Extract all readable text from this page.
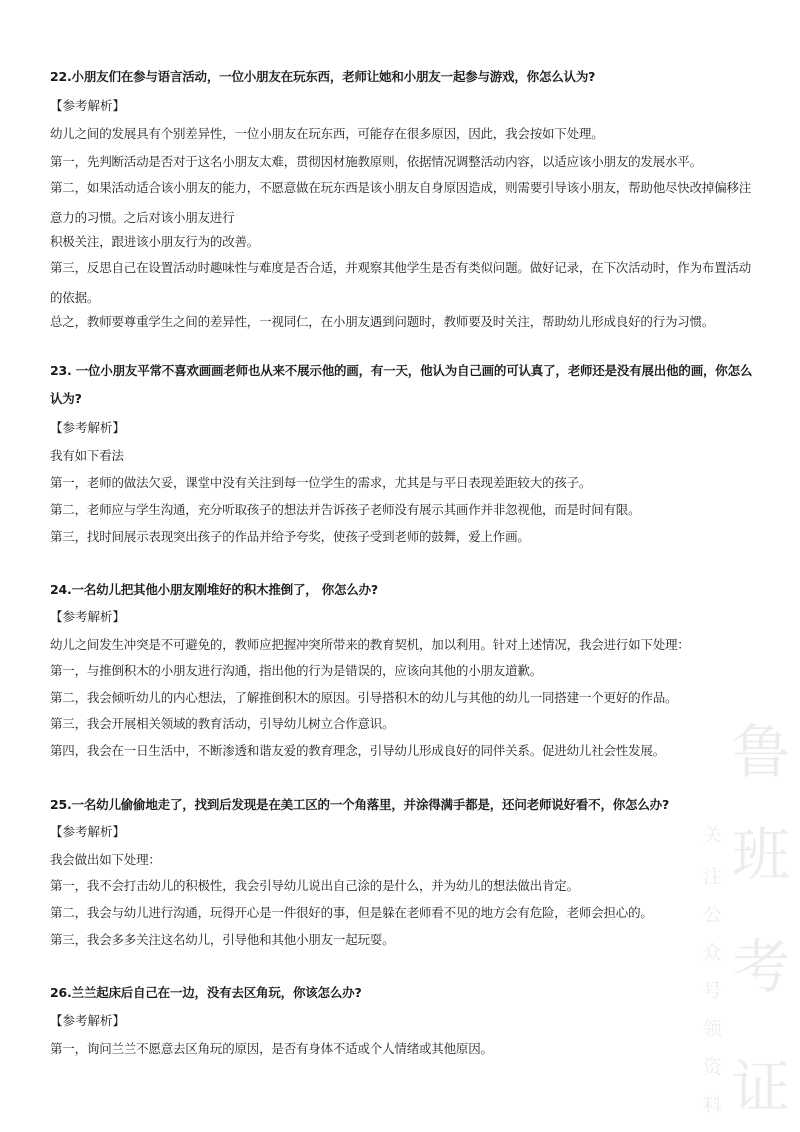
22.小朋友们在参与语言活动，一位小朋友在玩东西，老师让她和小朋友一起参与游戏，你怎么认为?
【参考解析】
幼儿之间的发展具有个别差异性，一位小朋友在玩东西，可能存在很多原因，因此，我会按如下处理。
第一，先判断活动是否对于这名小朋友太难，贯彻因材施教原则，依据情况调整活动内容，以适应该小朋友的发展水平。
第二，如果活动适合该小朋友的能力，不愿意做在玩东西是该小朋友自身原因造成，则需要引导该小朋友，帮助他尽快改掉偏移注意力的习惯。之后对该小朋友进行
积极关注，跟进该小朋友行为的改善。
第三，反思自己在设置活动时趣味性与难度是否合适，并观察其他学生是否有类似问题。做好记录，在下次活动时，作为布置活动的依据。
总之，教师要尊重学生之间的差异性，一视同仁，在小朋友遇到问题时，教师要及时关注，帮助幼儿形成良好的行为习惯。
23. 一位小朋友平常不喜欢画画老师也从来不展示他的画，有一天，他认为自己画的可认真了，老师还是没有展出他的画，你怎么认为?
【参考解析】
我有如下看法
第一，老师的做法欠妥，课堂中没有关注到每一位学生的需求，尤其是与平日表现差距较大的孩子。
第二，老师应与学生沟通，充分听取孩子的想法并告诉孩子老师没有展示其画作并非忽视他，而是时间有限。
第三，找时间展示表现突出孩子的作品并给予夸奖，使孩子受到老师的鼓舞，爱上作画。
24.一名幼儿把其他小朋友刚堆好的积木推倒了， 你怎么办?
【参考解析】
幼儿之间发生冲突是不可避免的，教师应把握冲突所带来的教育契机，加以利用。针对上述情况，我会进行如下处理：
第一，与推倒积木的小朋友进行沟通，指出他的行为是错误的，应该向其他的小朋友道歉。
第二，我会倾听幼儿的内心想法，了解推倒积木的原因。引导搭积木的幼儿与其他的幼儿一同搭建一个更好的作品。
第三，我会开展相关领域的教育活动，引导幼儿树立合作意识。
第四，我会在一日生活中，不断渗透和谐友爱的教育理念，引导幼儿形成良好的同伴关系。促进幼儿社会性发展。
25.一名幼儿偷偷地走了，找到后发现是在美工区的一个角落里，并涂得满手都是，还问老师说好看不，你怎么办?
【参考解析】
我会做出如下处理：
第一，我不会打击幼儿的积极性，我会引导幼儿说出自己涂的是什么，并为幼儿的想法做出肯定。
第二，我会与幼儿进行沟通，玩得开心是一件很好的事，但是躲在老师看不见的地方会有危险，老师会担心的。
第三，我会多多关注这名幼儿，引导他和其他小朋友一起玩耍。
26.兰兰起床后自己在一边，没有去区角玩，你该怎么办?
【参考解析】
第一，询问兰兰不愿意去区角玩的原因，是否有身体不适或个人情绪或其他原因。
鲁
班
考
证
关
注
公
众
号
领
资
料
